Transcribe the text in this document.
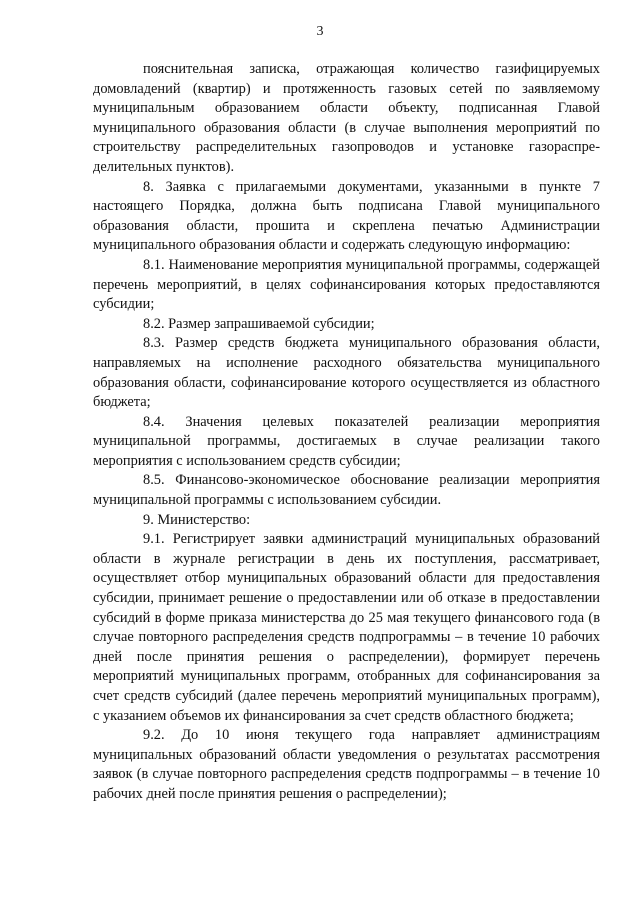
3

пояснительная записка, отражающая количество газифицируемых домовладений (квартир) и протяженность газовых сетей по заявляемому муниципальным образованием области объекту, подписанная Главой муниципального образования области (в случае выполнения мероприятий по строительству распределительных газопроводов и установке газораспре-делительных пунктов).

8. Заявка с прилагаемыми документами, указанными в пункте 7 настоящего Порядка, должна быть подписана Главой муниципального образования области, прошита и скреплена печатью Администрации муниципального образования области и содержать следующую информацию:

8.1. Наименование мероприятия муниципальной программы, содержащей перечень мероприятий, в целях софинансирования которых предоставляются субсидии;

8.2. Размер запрашиваемой субсидии;

8.3. Размер средств бюджета муниципального образования области, направляемых на исполнение расходного обязательства муниципального образования области, софинансирование которого осуществляется из областного бюджета;

8.4. Значения целевых показателей реализации мероприятия муниципальной программы, достигаемых в случае реализации такого мероприятия с использованием средств субсидии;

8.5. Финансово-экономическое обоснование реализации мероприятия муниципальной программы с использованием субсидии.

9. Министерство:

9.1. Регистрирует заявки администраций муниципальных образований области в журнале регистрации в день их поступления, рассматривает, осуществляет отбор муниципальных образований области для предоставления субсидии, принимает решение о предоставлении или об отказе в предоставлении субсидий в форме приказа министерства до 25 мая текущего финансового года (в случае повторного распределения средств подпрограммы – в течение 10 рабочих дней после принятия решения о распределении), формирует перечень мероприятий муниципальных программ, отобранных для софинансирования за счет средств субсидий (далее перечень мероприятий муниципальных программ), с указанием объемов их финансирования за счет средств областного бюджета;

9.2. До 10 июня текущего года направляет администрациям муниципальных образований области уведомления о результатах рассмотрения заявок (в случае повторного распределения средств подпрограммы – в течение 10 рабочих дней после принятия решения о распределении);
